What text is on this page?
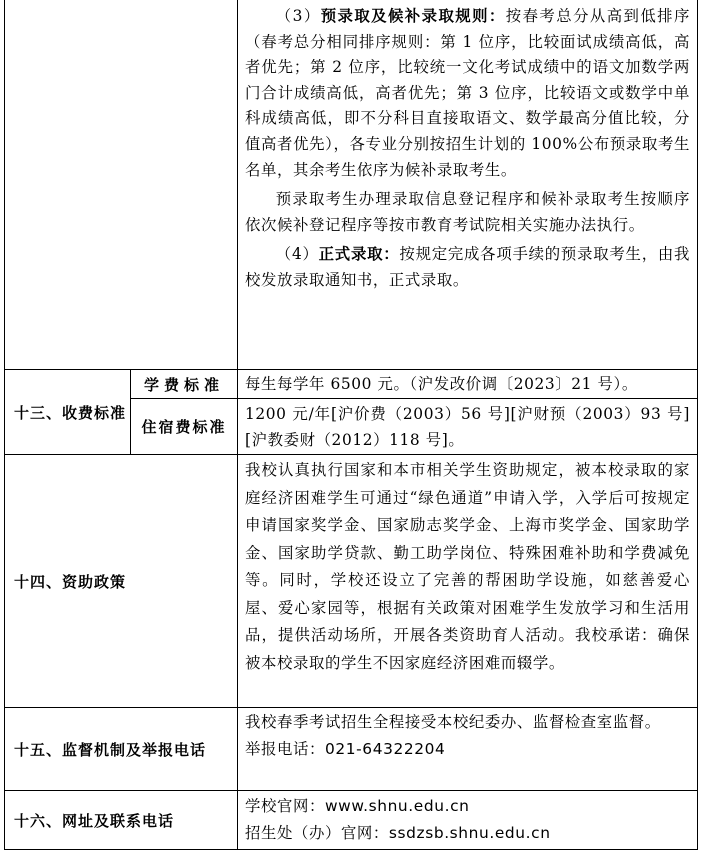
（3）预录取及候补录取规则：按春考总分从高到低排序（春考总分相同排序规则：第 1 位序，比较面试成绩高低，高者优先；第 2 位序，比较统一文化考试成绩中的语文加数学两门合计成绩高低，高者优先；第 3 位序，比较语文或数学中单科成绩高低，即不分科目直接取语文、数学最高分值比较，分值高者优先），各专业分别按招生计划的 100%公布预录取考生名单，其余考生依序为候补录取考生。

预录取考生办理录取信息登记程序和候补录取考生按顺序依次候补登记程序等按市教育考试院相关实施办法执行。

（4）正式录取：按规定完成各项手续的预录取考生，由我校发放录取通知书，正式录取。

十三、收费标准
学费标准	每生每学年 6500 元。（沪发改价调〔2023〕21 号）。
住宿费标准
1200 元/年[沪价费（2003）56 号][沪财预（2003）93 号][沪教委财（2012）118 号]。
十四、资助政策
我校认真执行国家和本市相关学生资助规定，被本校录取的家庭经济困难学生可通过“绿色通道”申请入学，入学后可按规定申请国家奖学金、国家励志奖学金、上海市奖学金、国家助学金、国家助学贷款、勤工助学岗位、特殊困难补助和学费减免等。同时，学校还设立了完善的帮困助学设施，如慈善爱心屋、爱心家园等，根据有关政策对困难学生发放学习和生活用品，提供活动场所，开展各类资助育人活动。我校承诺：确保被本校录取的学生不因家庭经济困难而辍学。
十五、监督机制及举报电话

我校春季考试招生全程接受本校纪委办、监督检查室监督。

举报电话：021-64322204

十六、网址及联系电话

学校官网：www.shnu.edu.cn

招生处（办）官网：ssdzsb.shnu.edu.cn
